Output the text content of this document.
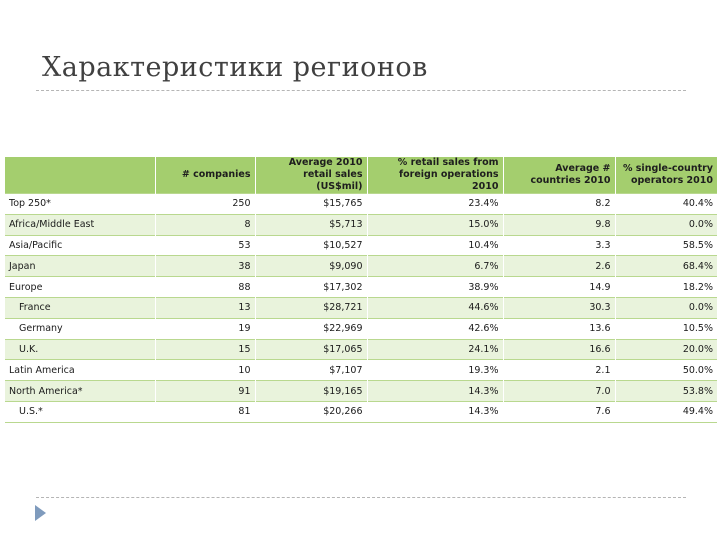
Характеристики регионов
	# companies	Average 2010 retail sales (US$mil)	% retail sales from foreign operations 2010	Average # countries 2010	% single-country operators 2010
Top 250*	250	$15,765	23.4%	8.2	40.4%
Africa/Middle East	8	$5,713	15.0%	9.8	0.0%
Asia/Pacific	53	$10,527	10.4%	3.3	58.5%
Japan	38	$9,090	6.7%	2.6	68.4%
Europe	88	$17,302	38.9%	14.9	18.2%
France	13	$28,721	44.6%	30.3	0.0%
Germany	19	$22,969	42.6%	13.6	10.5%
U.K.	15	$17,065	24.1%	16.6	20.0%
Latin America	10	$7,107	19.3%	2.1	50.0%
North America*	91	$19,165	14.3%	7.0	53.8%
U.S.*	81	$20,266	14.3%	7.6	49.4%
